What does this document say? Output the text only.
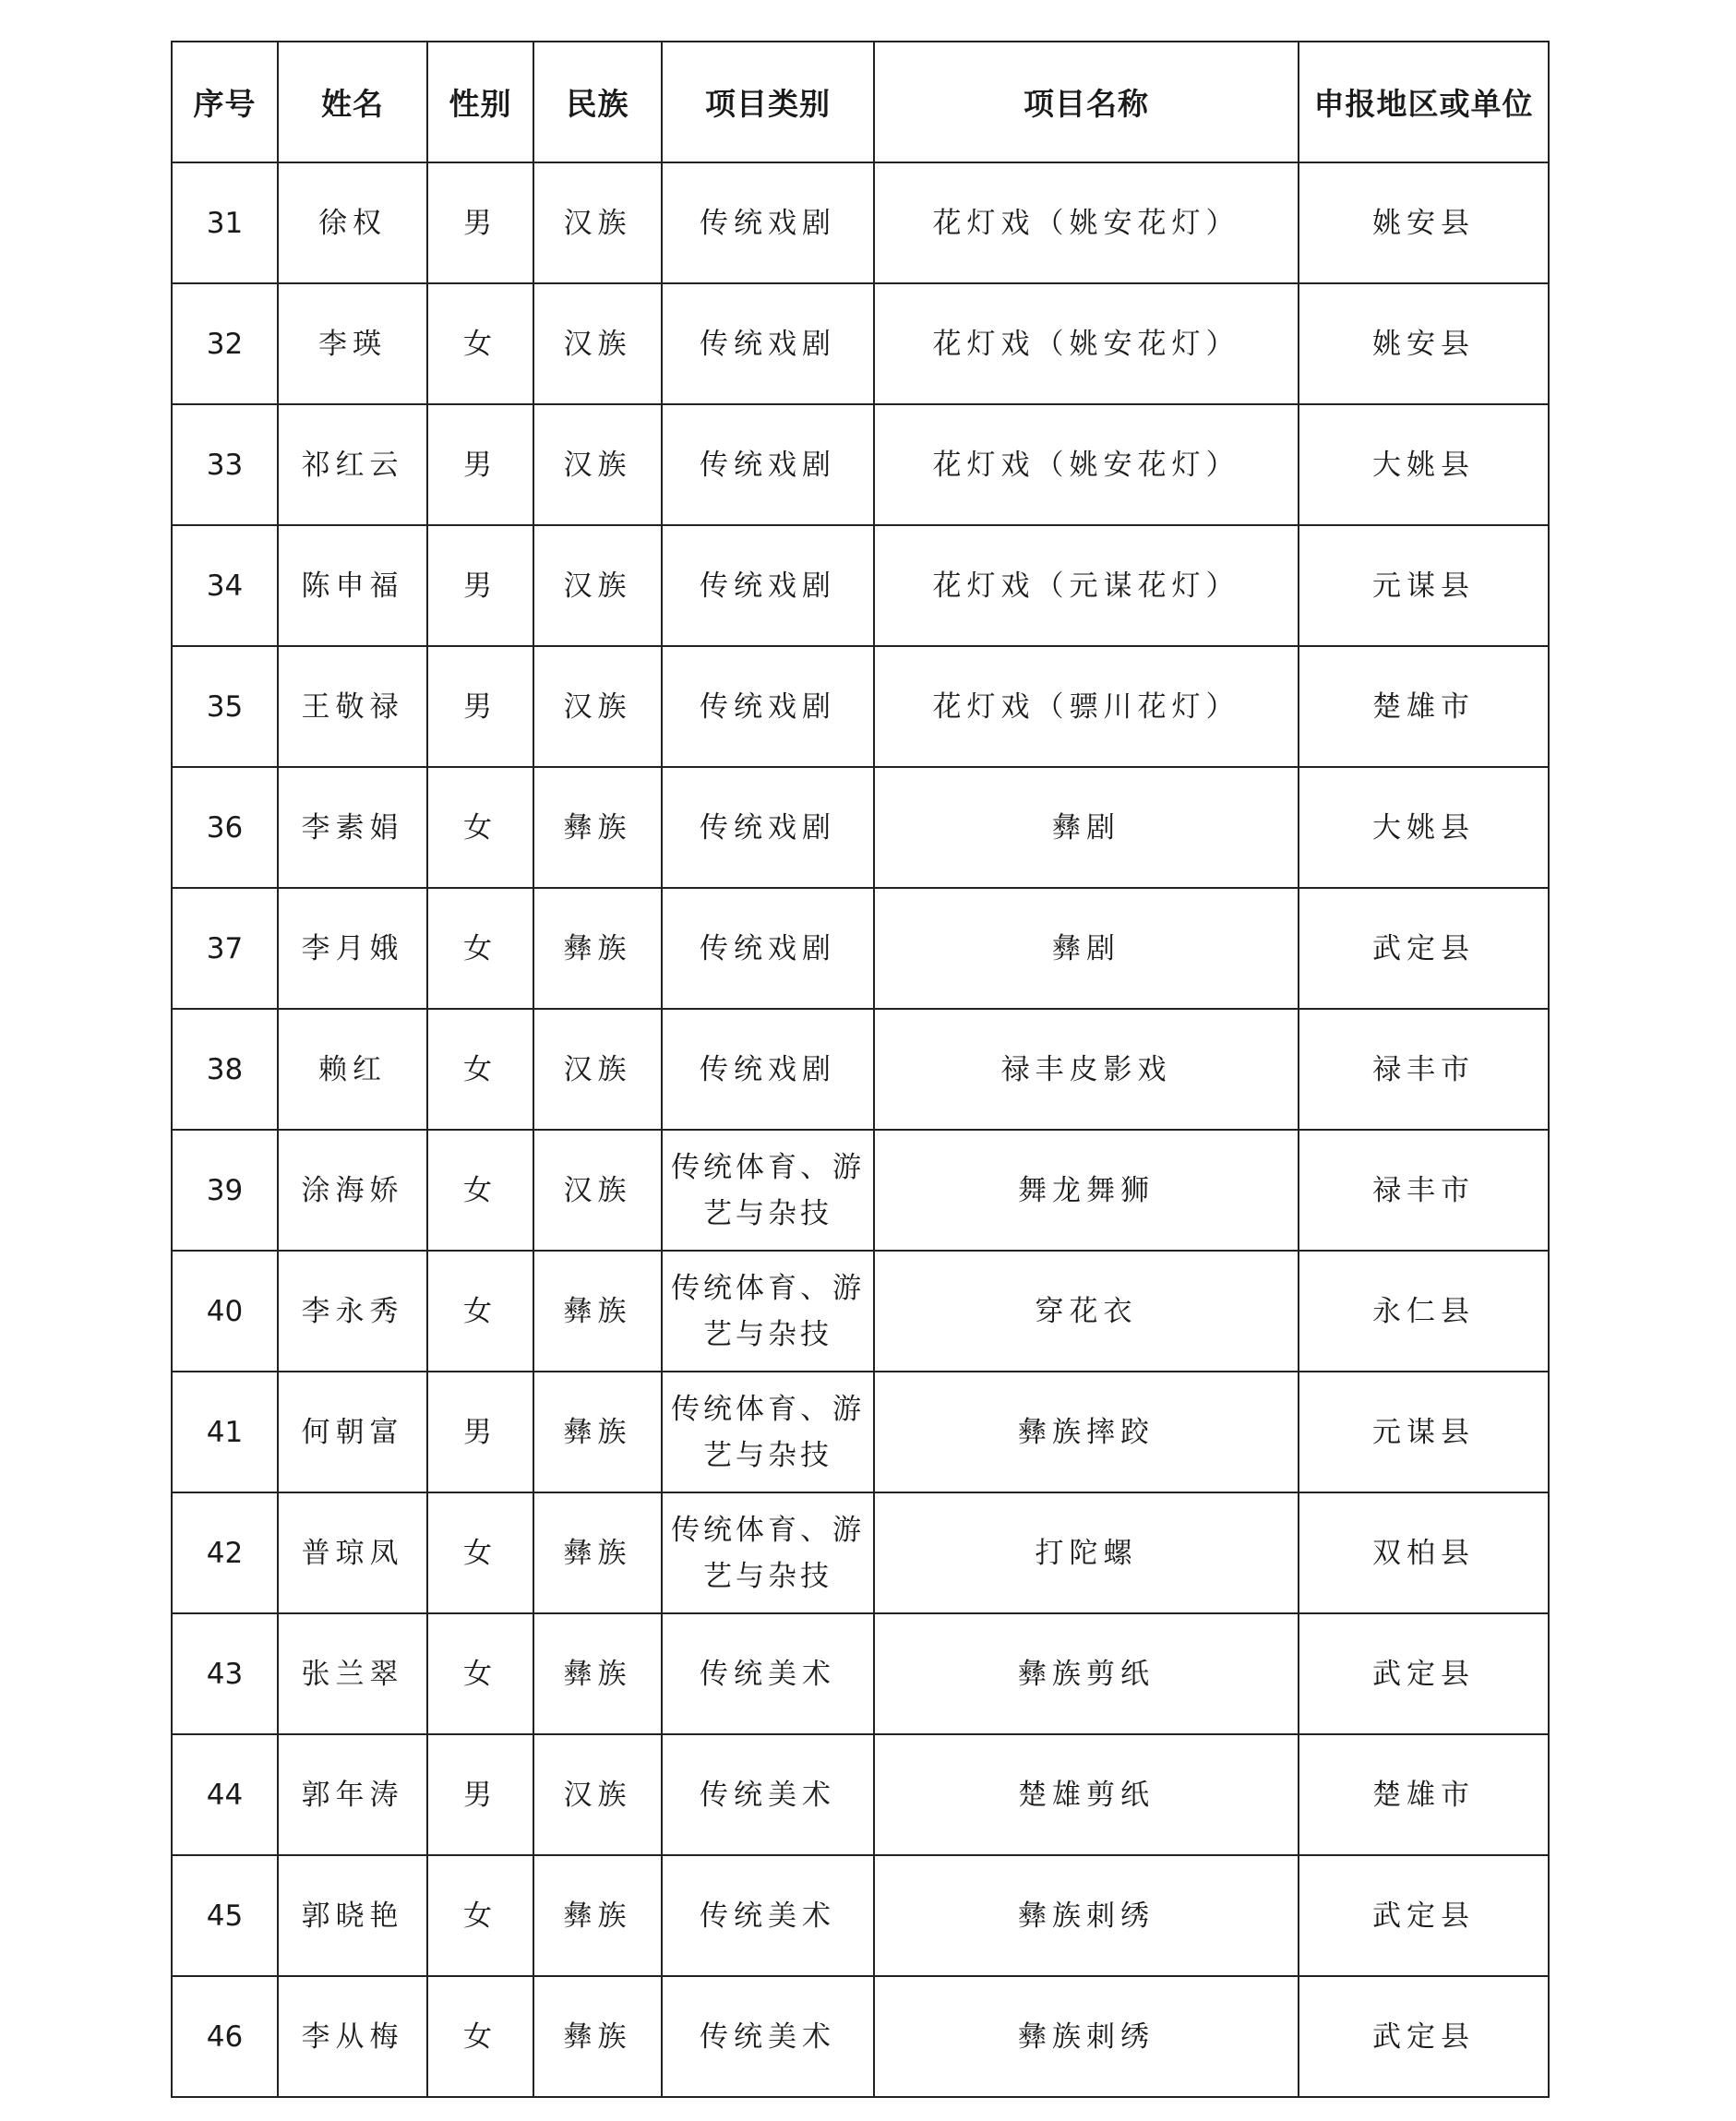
序号	姓名	性别	民族	项目类别	项目名称	申报地区或单位
31	徐权	男	汉族	传统戏剧	花灯戏（姚安花灯）	姚安县
32	李瑛	女	汉族	传统戏剧	花灯戏（姚安花灯）	姚安县
33	祁红云	男	汉族	传统戏剧	花灯戏（姚安花灯）	大姚县
34	陈申福	男	汉族	传统戏剧	花灯戏（元谋花灯）	元谋县
35	王敬禄	男	汉族	传统戏剧	花灯戏（骠川花灯）	楚雄市
36	李素娟	女	彝族	传统戏剧	彝剧	大姚县
37	李月娥	女	彝族	传统戏剧	彝剧	武定县
38	赖红	女	汉族	传统戏剧	禄丰皮影戏	禄丰市
39	涂海娇	女	汉族	传统体育、游艺与杂技	舞龙舞狮	禄丰市
40	李永秀	女	彝族	传统体育、游艺与杂技	穿花衣	永仁县
41	何朝富	男	彝族	传统体育、游艺与杂技	彝族摔跤	元谋县
42	普琼凤	女	彝族	传统体育、游艺与杂技	打陀螺	双柏县
43	张兰翠	女	彝族	传统美术	彝族剪纸	武定县
44	郭年涛	男	汉族	传统美术	楚雄剪纸	楚雄市
45	郭晓艳	女	彝族	传统美术	彝族刺绣	武定县
46	李从梅	女	彝族	传统美术	彝族刺绣	武定县
